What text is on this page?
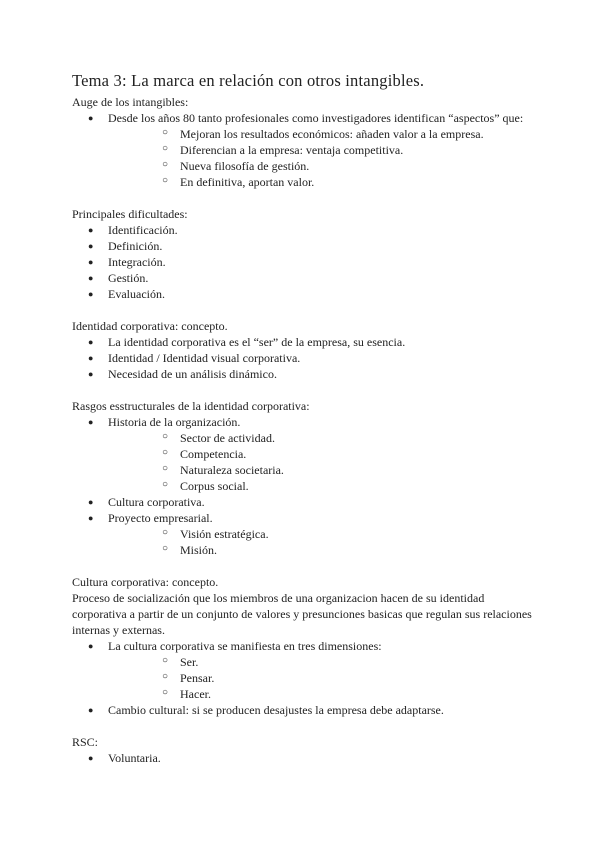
Tema 3: La marca en relación con otros intangibles.

Auge de los intangibles:

● Desde los años 80 tanto profesionales como investigadores identifican “aspectos” que:
○ Mejoran los resultados económicos: añaden valor a la empresa.
○ Diferencian a la empresa: ventaja competitiva.
○ Nueva filosofía de gestión.
○ En definitiva, aportan valor.

Principales dificultades:

● Identificación.
● Definición.
● Integración.
● Gestión.
● Evaluación.

Identidad corporativa: concepto.

● La identidad corporativa es el “ser” de la empresa, su esencia.
● Identidad / Identidad visual corporativa.
● Necesidad de un análisis dinámico.

Rasgos esstructurales de la identidad corporativa:

● Historia de la organización.
○ Sector de actividad.
○ Competencia.
○ Naturaleza societaria.
○ Corpus social.
● Cultura corporativa.
● Proyecto empresarial.
○ Visión estratégica.
○ Misión.

Cultura corporativa: concepto.

Proceso de socialización que los miembros de una organizacion hacen de su identidad corporativa a partir de un conjunto de valores y presunciones basicas que regulan sus relaciones internas y externas.

● La cultura corporativa se manifiesta en tres dimensiones:
○ Ser.
○ Pensar.
○ Hacer.
● Cambio cultural: si se producen desajustes la empresa debe adaptarse.

RSC:

● Voluntaria.
